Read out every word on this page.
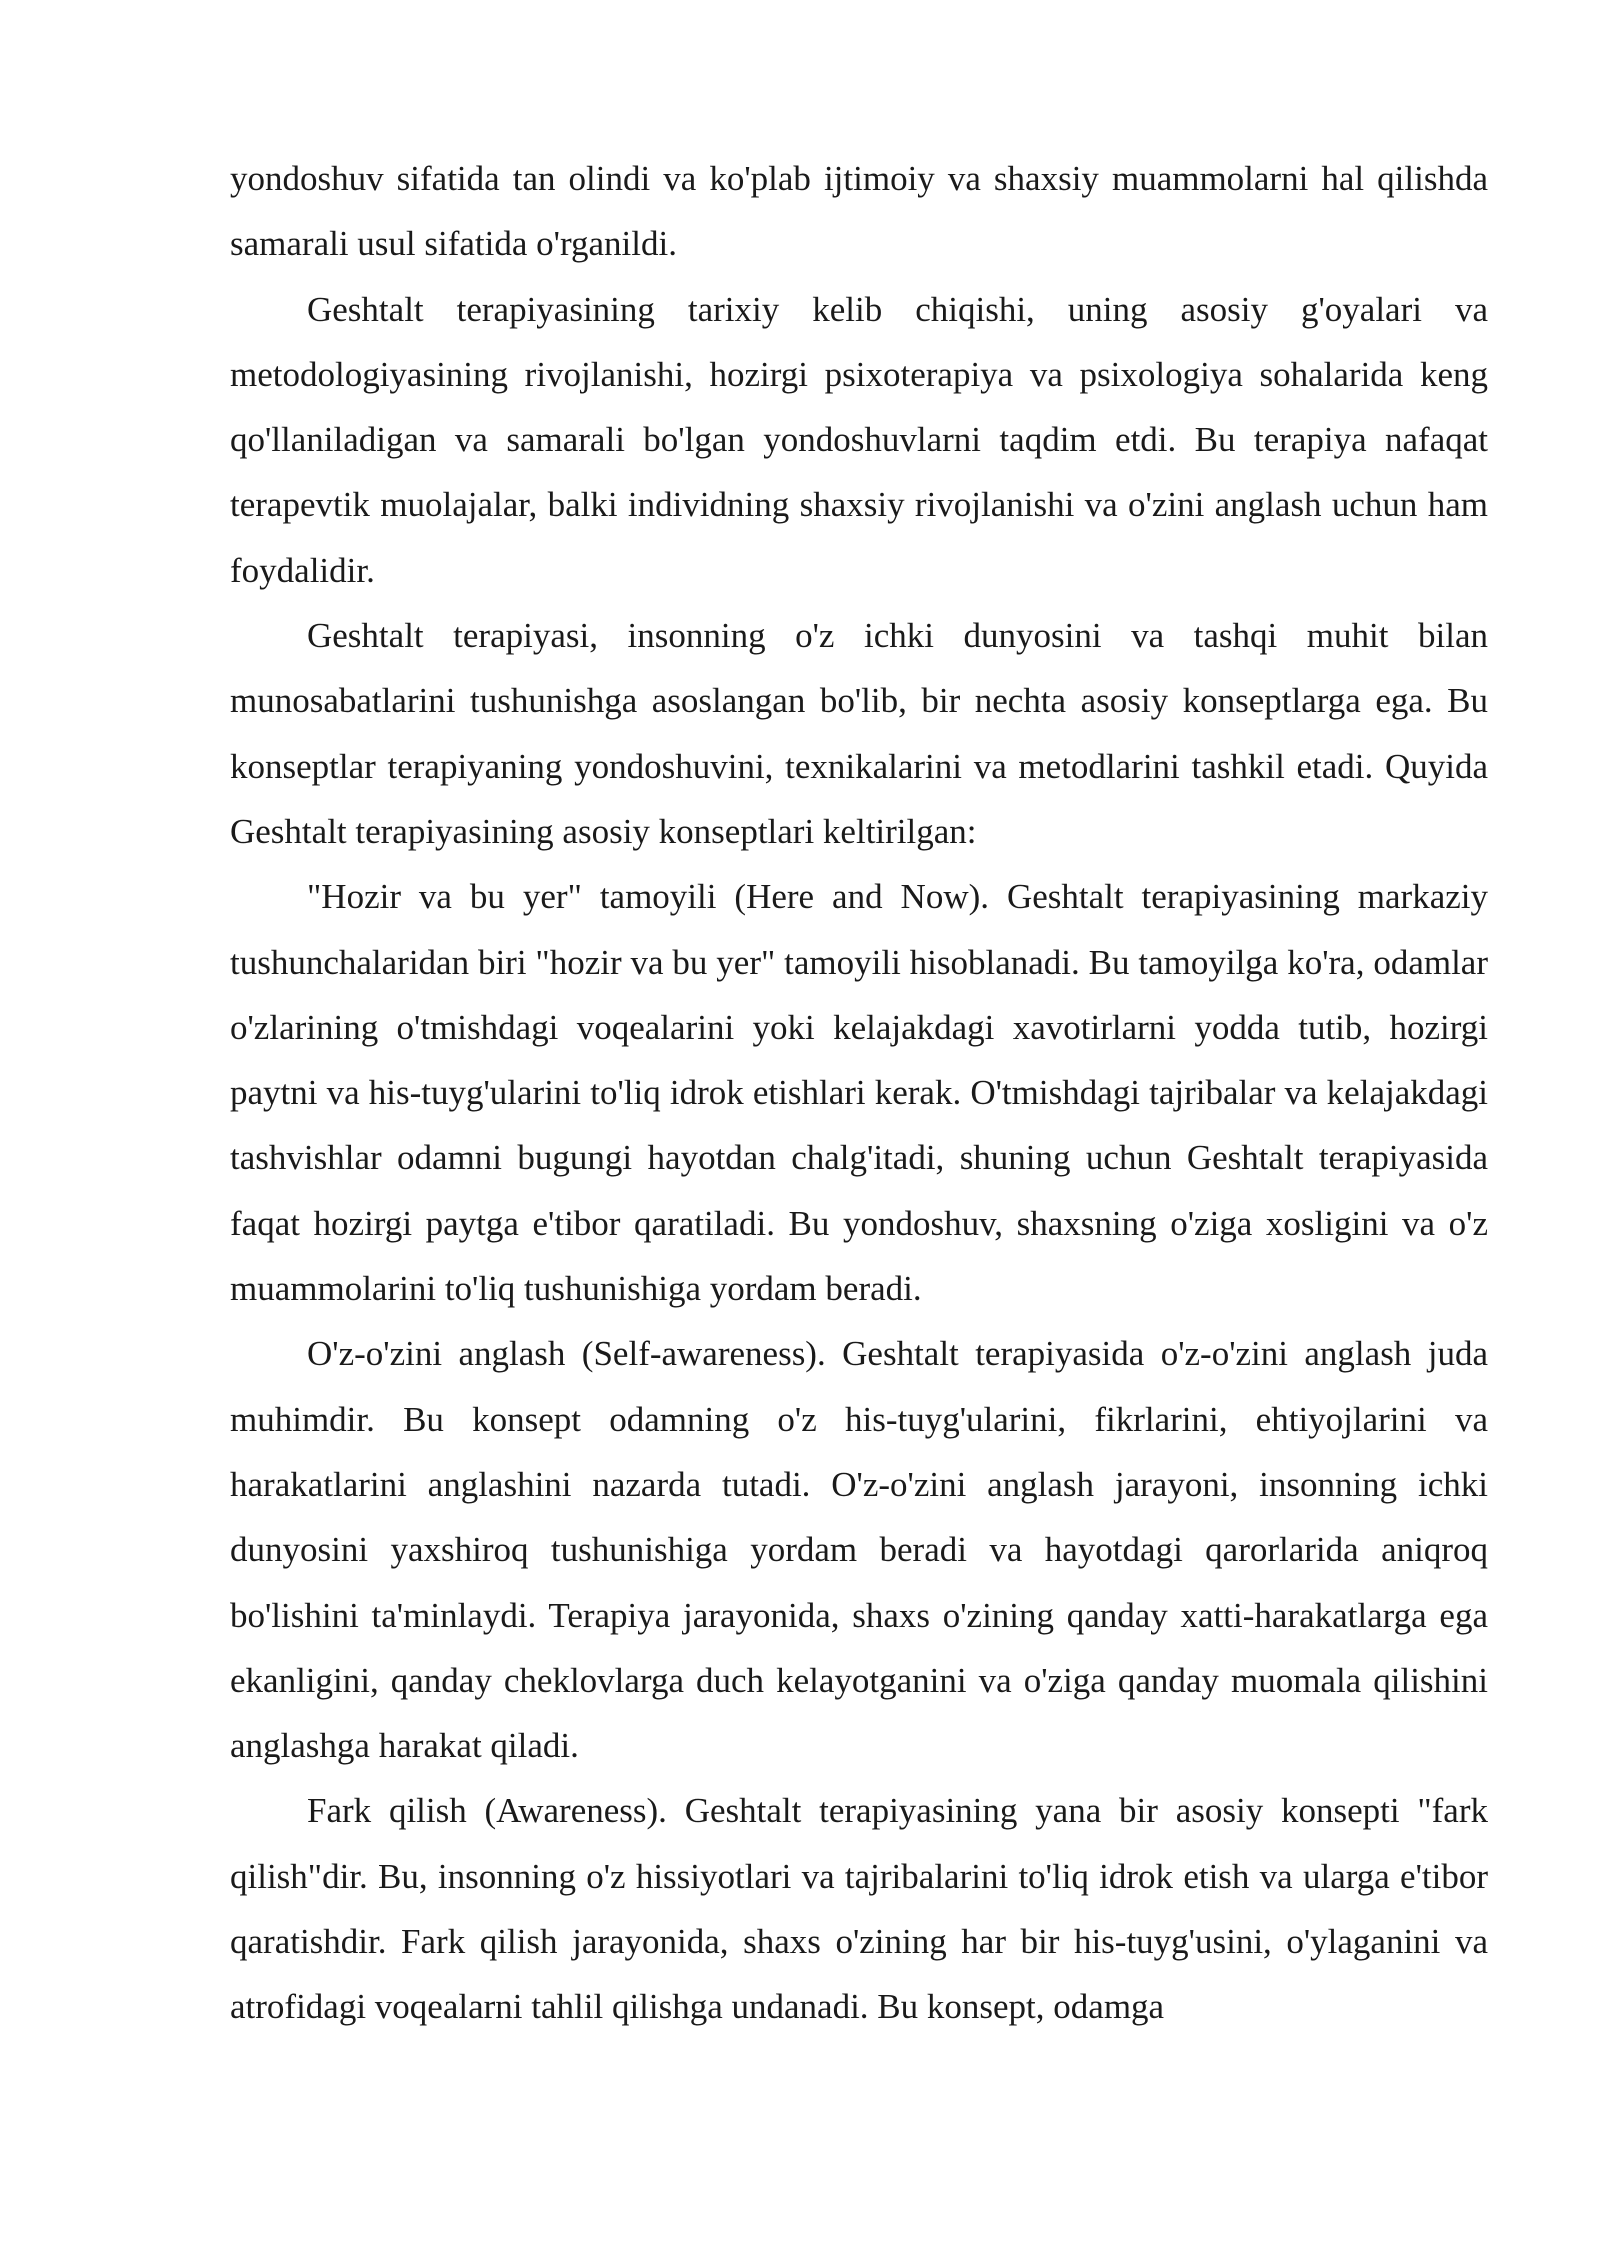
yondoshuv sifatida tan olindi va ko'plab ijtimoiy va shaxsiy muammolarni hal qilishda samarali usul sifatida o'rganildi.

Geshtalt terapiyasining tarixiy kelib chiqishi, uning asosiy g'oyalari va metodologiyasining rivojlanishi, hozirgi psixoterapiya va psixologiya sohalarida keng qo'llaniladigan va samarali bo'lgan yondoshuvlarni taqdim etdi. Bu terapiya nafaqat terapevtik muolajalar, balki individning shaxsiy rivojlanishi va o'zini anglash uchun ham foydalidir.

Geshtalt terapiyasi, insonning o'z ichki dunyosini va tashqi muhit bilan munosabatlarini tushunishga asoslangan bo'lib, bir nechta asosiy konseptlarga ega. Bu konseptlar terapiyaning yondoshuvini, texnikalarini va metodlarini tashkil etadi. Quyida Geshtalt terapiyasining asosiy konseptlari keltirilgan:

"Hozir va bu yer" tamoyili (Here and Now). Geshtalt terapiyasining markaziy tushunchalaridan biri "hozir va bu yer" tamoyili hisoblanadi. Bu tamoyilga ko'ra, odamlar o'zlarining o'tmishdagi voqealarini yoki kelajakdagi xavotirlarni yodda tutib, hozirgi paytni va his-tuyg'ularini to'liq idrok etishlari kerak. O'tmishdagi tajribalar va kelajakdagi tashvishlar odamni bugungi hayotdan chalg'itadi, shuning uchun Geshtalt terapiyasida faqat hozirgi paytga e'tibor qaratiladi. Bu yondoshuv, shaxsning o'ziga xosligini va o'z muammolarini to'liq tushunishiga yordam beradi.

O'z-o'zini anglash (Self-awareness). Geshtalt terapiyasida o'z-o'zini anglash juda muhimdir. Bu konsept odamning o'z his-tuyg'ularini, fikrlarini, ehtiyojlarini va harakatlarini anglashini nazarda tutadi. O'z-o'zini anglash jarayoni, insonning ichki dunyosini yaxshiroq tushunishiga yordam beradi va hayotdagi qarorlarida aniqroq bo'lishini ta'minlaydi. Terapiya jarayonida, shaxs o'zining qanday xatti-harakatlarga ega ekanligini, qanday cheklovlarga duch kelayotganini va o'ziga qanday muomala qilishini anglashga harakat qiladi.

Fark qilish (Awareness). Geshtalt terapiyasining yana bir asosiy konsepti "fark qilish"dir. Bu, insonning o'z hissiyotlari va tajribalarini to'liq idrok etish va ularga e'tibor qaratishdir. Fark qilish jarayonida, shaxs o'zining har bir his-tuyg'usini, o'ylaganini va atrofidagi voqealarni tahlil qilishga undanadi. Bu konsept, odamga
